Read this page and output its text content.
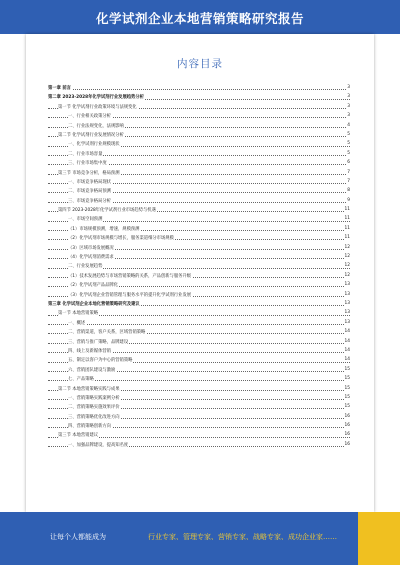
化学试剂企业本地营销策略研究报告
内容目录
第一章 前言	3
第二章 2023-2028年化学试剂行业发展趋势分析	3
第一节 化学试剂行业政策环境与法规变化	3
一、行业相关政策分析	3
二、行业法规变化，法规影响	4
第二节 化学试剂行业发展情况分析	5
一、化学试剂行业规模现状	5
二、行业市场容量	5
三、行业市场集中度	6
第三节 市场竞争分析，格局预测	7
一、市场竞争格局现状	7
二、市场竞争格局预测	8
三、市场竞争格局分析	9
第四节 2023-2028年化学试剂行业市场趋势与机遇	11
一、市场空间预测	11
（1）市场规模预测，增速，规模预测	11
（2）化学试剂市场规模与增长，服务渠道细分市场规模	11
（3）区域市场发展概况	12
（4）化学试剂消费需求	12
二、行业发展趋势	12
（1）技术发展趋势与市场营销策略的关系，产品创新与服务升级	12
（2）化学试剂产品品牌化	13
（3）化学试剂企业营销管理与服务水平的提升化学试剂行业发展	13
第三章 化学试剂企业本地化营销策略研究及建议	13
第一节 本地营销策略	13
一、概述	13
二、营销渠道，客户关系，区域营销策略	14
三、营销与推广策略，品牌建设	14
四、线上及新媒体营销	14
五、制定以客户为中心的营销策略	14
六、营销团队建设与激励	15
七、产品策略	15
第二节 本地营销策略实践与成果	15
一、营销策略实践案例分析	15
二、营销策略实施效果评价	15
三、营销策略优化改进方向	16
四、营销策略创新方向	16
第三节 本地营销建议	16
一、加强品牌建设，提高知名度	16
让每个人都能成为	行业专家、管理专家、营销专家、战略专家、成功企业家……
